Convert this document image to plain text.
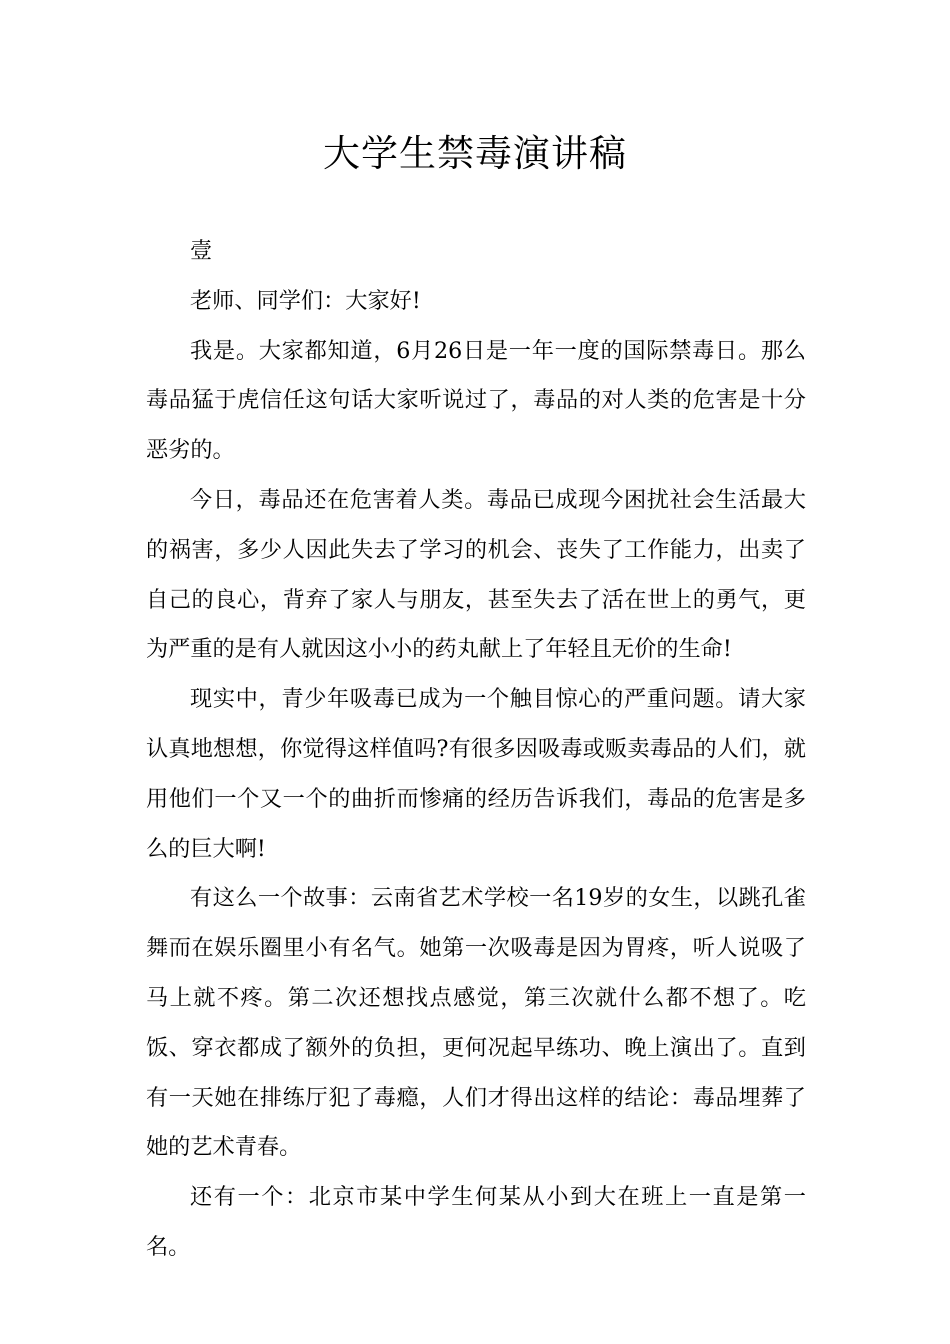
大学生禁毒演讲稿

壹

老师、同学们：大家好!

我是。大家都知道，6月26日是一年一度的国际禁毒日。那么毒品猛于虎信任这句话大家听说过了，毒品的对人类的危害是十分恶劣的。

今日，毒品还在危害着人类。毒品已成现今困扰社会生活最大的祸害，多少人因此失去了学习的机会、丧失了工作能力，出卖了自己的良心，背弃了家人与朋友，甚至失去了活在世上的勇气，更为严重的是有人就因这小小的药丸献上了年轻且无价的生命!

现实中，青少年吸毒已成为一个触目惊心的严重问题。请大家认真地想想，你觉得这样值吗?有很多因吸毒或贩卖毒品的人们，就用他们一个又一个的曲折而惨痛的经历告诉我们，毒品的危害是多么的巨大啊!

有这么一个故事：云南省艺术学校一名19岁的女生，以跳孔雀舞而在娱乐圈里小有名气。她第一次吸毒是因为胃疼，听人说吸了马上就不疼。第二次还想找点感觉，第三次就什么都不想了。吃饭、穿衣都成了额外的负担，更何况起早练功、晚上演出了。直到有一天她在排练厅犯了毒瘾，人们才得出这样的结论：毒品埋葬了她的艺术青春。

还有一个：北京市某中学生何某从小到大在班上一直是第一名。
